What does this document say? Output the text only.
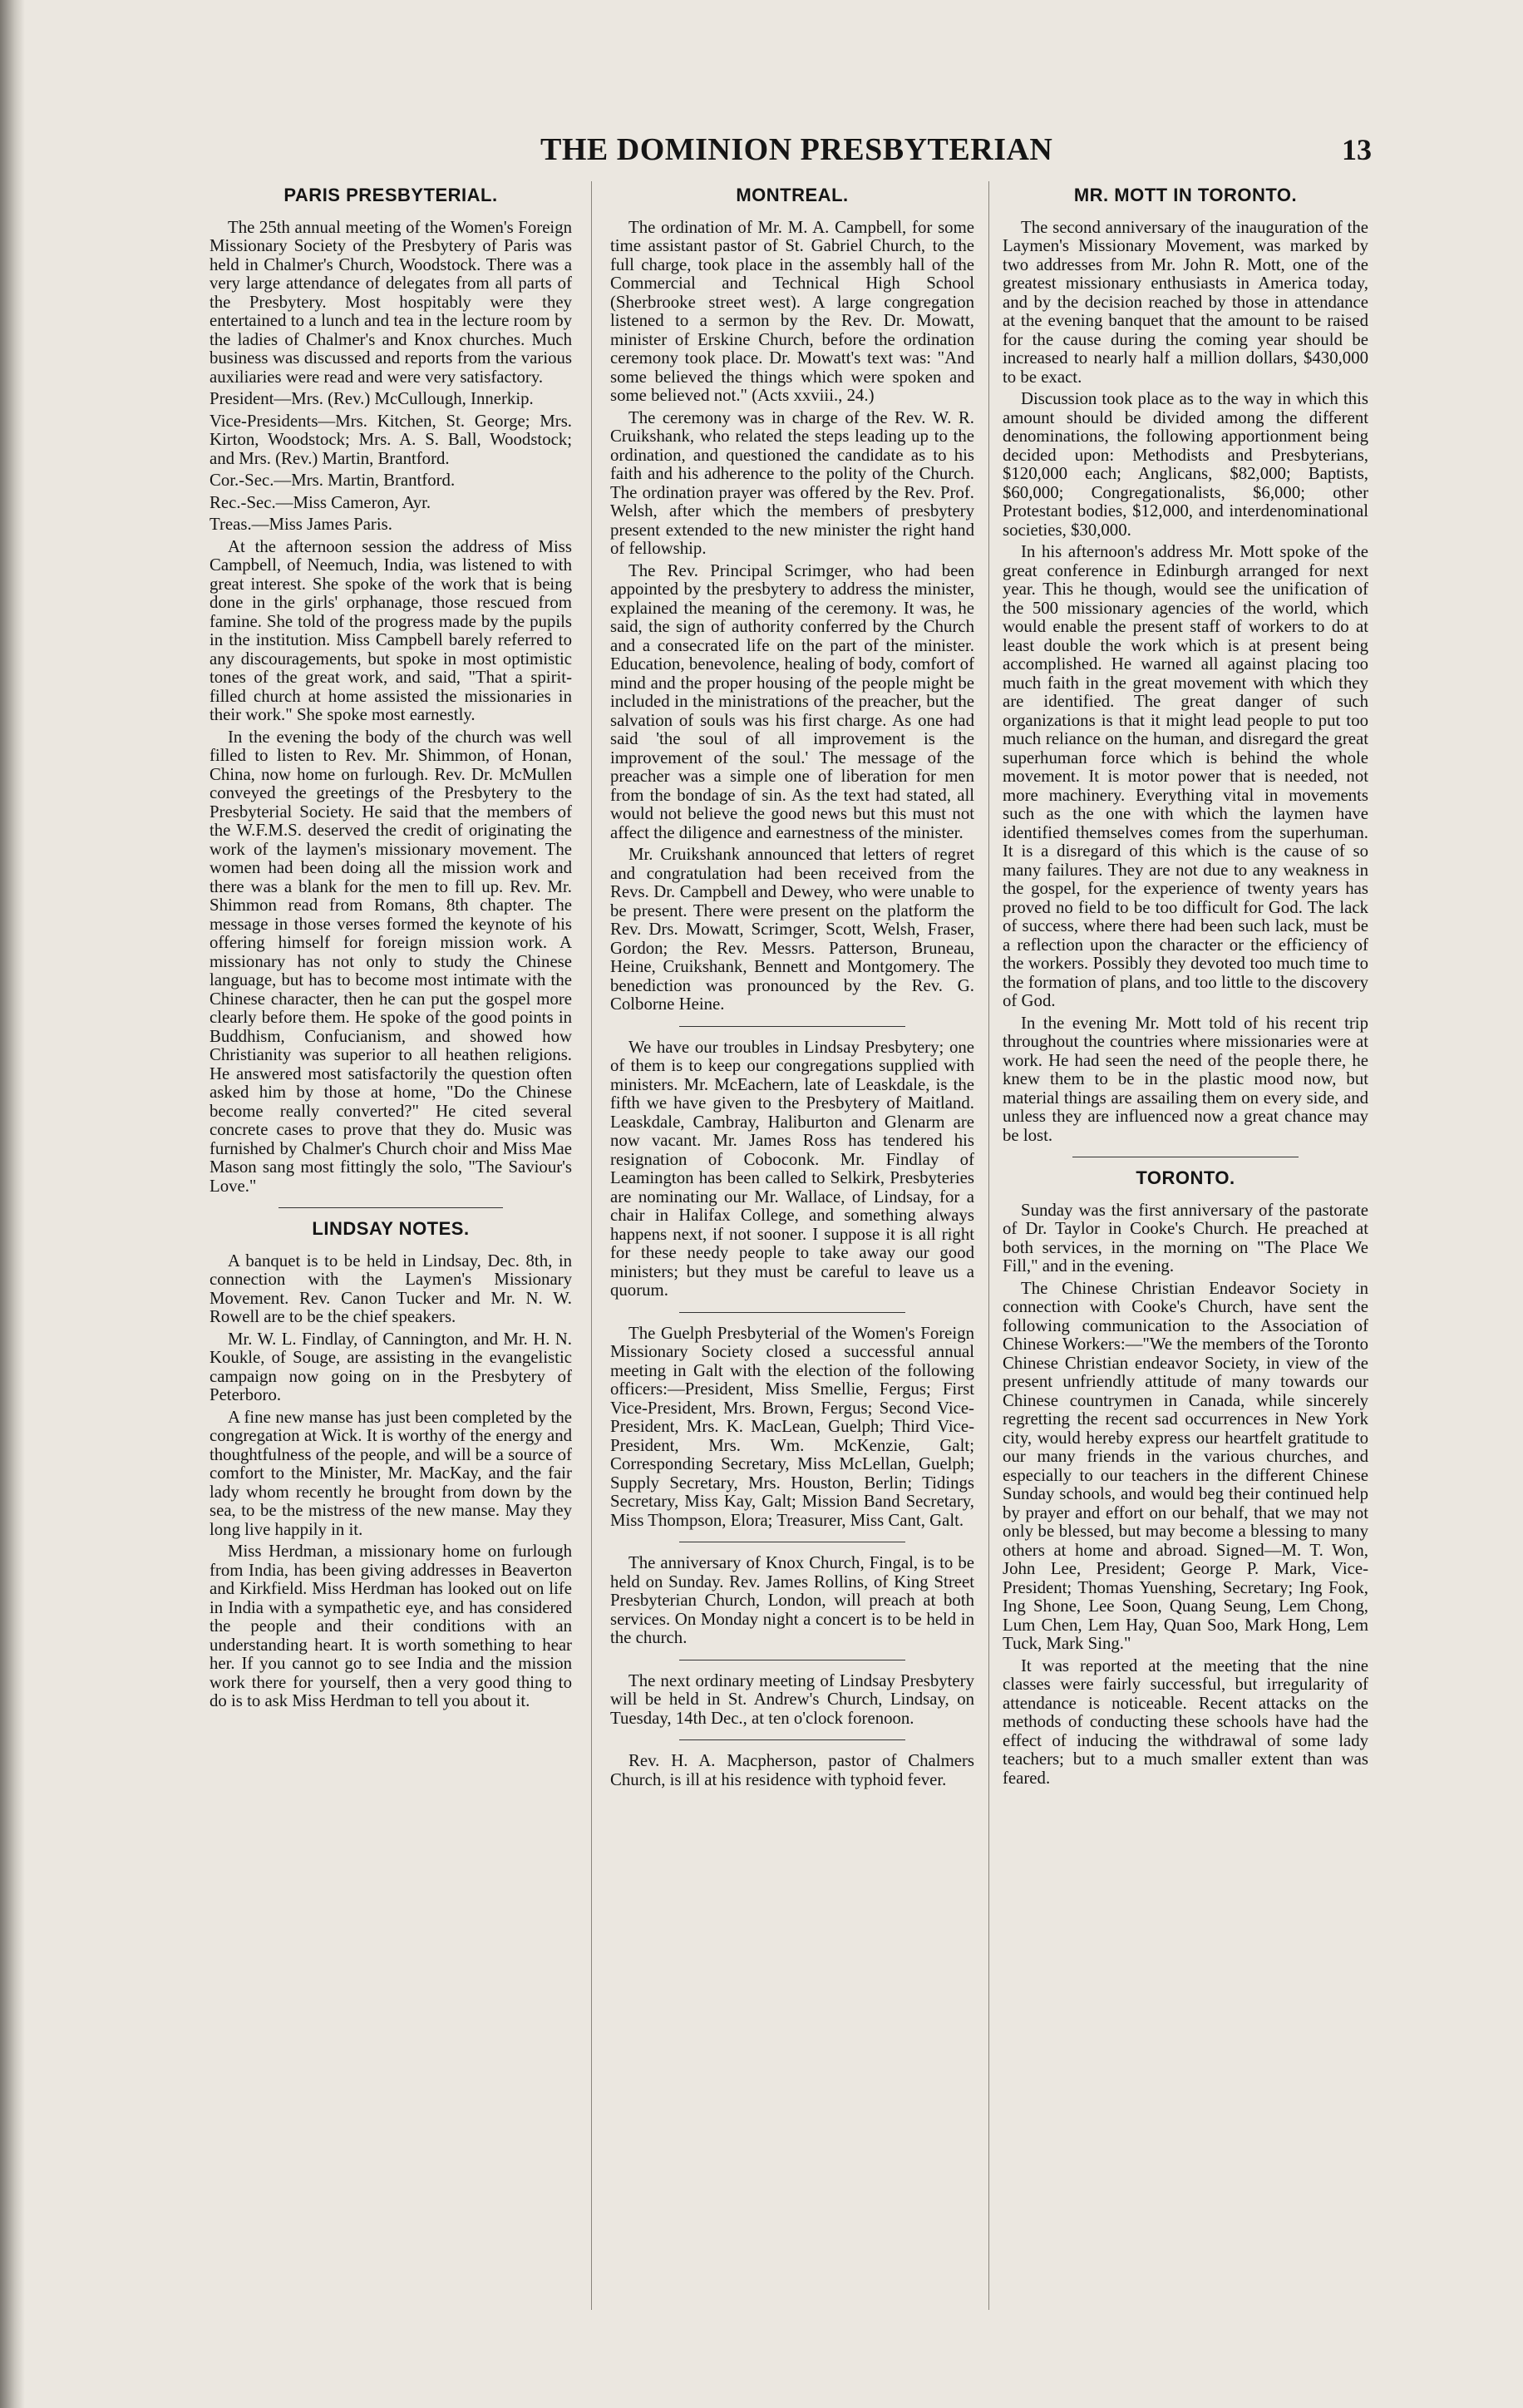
THE DOMINION PRESBYTERIAN	13
PARIS PRESBYTERIAL.

The 25th annual meeting of the Women's Foreign Missionary Society of the Presbytery of Paris was held in Chalmer's Church, Woodstock. There was a very large attendance of delegates from all parts of the Presbytery. Most hospitably were they entertained to a lunch and tea in the lecture room by the ladies of Chalmer's and Knox churches. Much business was discussed and reports from the various auxiliaries were read and were very satisfactory.

President—Mrs. (Rev.) McCullough, Innerkip.

Vice-Presidents—Mrs. Kitchen, St. George; Mrs. Kirton, Woodstock; Mrs. A. S. Ball, Woodstock; and Mrs. (Rev.) Martin, Brantford.

Cor.-Sec.—Mrs. Martin, Brantford.

Rec.-Sec.—Miss Cameron, Ayr.

Treas.—Miss James Paris.

At the afternoon session the address of Miss Campbell, of Neemuch, India, was listened to with great interest. She spoke of the work that is being done in the girls' orphanage, those rescued from famine. She told of the progress made by the pupils in the institution. Miss Campbell barely referred to any discouragements, but spoke in most optimistic tones of the great work, and said, "That a spirit-filled church at home assisted the missionaries in their work." She spoke most earnestly.

In the evening the body of the church was well filled to listen to Rev. Mr. Shimmon, of Honan, China, now home on furlough. Rev. Dr. McMullen conveyed the greetings of the Presbytery to the Presbyterial Society. He said that the members of the W.F.M.S. deserved the credit of originating the work of the laymen's missionary movement. The women had been doing all the mission work and there was a blank for the men to fill up. Rev. Mr. Shimmon read from Romans, 8th chapter. The message in those verses formed the keynote of his offering himself for foreign mission work. A missionary has not only to study the Chinese language, but has to become most intimate with the Chinese character, then he can put the gospel more clearly before them. He spoke of the good points in Buddhism, Confucianism, and showed how Christianity was superior to all heathen religions. He answered most satisfactorily the question often asked him by those at home, "Do the Chinese become really converted?" He cited several concrete cases to prove that they do. Music was furnished by Chalmer's Church choir and Miss Mae Mason sang most fittingly the solo, "The Saviour's Love."

LINDSAY NOTES.

A banquet is to be held in Lindsay, Dec. 8th, in connection with the Laymen's Missionary Movement. Rev. Canon Tucker and Mr. N. W. Rowell are to be the chief speakers.

Mr. W. L. Findlay, of Cannington, and Mr. H. N. Koukle, of Souge, are assisting in the evangelistic campaign now going on in the Presbytery of Peterboro.

A fine new manse has just been completed by the congregation at Wick. It is worthy of the energy and thoughtfulness of the people, and will be a source of comfort to the Minister, Mr. MacKay, and the fair lady whom recently he brought from down by the sea, to be the mistress of the new manse. May they long live happily in it.

Miss Herdman, a missionary home on furlough from India, has been giving addresses in Beaverton and Kirkfield. Miss Herdman has looked out on life in India with a sympathetic eye, and has considered the people and their conditions with an understanding heart. It is worth something to hear her. If you cannot go to see India and the mission work there for yourself, then a very good thing to do is to ask Miss Herdman to tell you about it.

MONTREAL.

The ordination of Mr. M. A. Campbell, for some time assistant pastor of St. Gabriel Church, to the full charge, took place in the assembly hall of the Commercial and Technical High School (Sherbrooke street west). A large congregation listened to a sermon by the Rev. Dr. Mowatt, minister of Erskine Church, before the ordination ceremony took place. Dr. Mowatt's text was: "And some believed the things which were spoken and some believed not." (Acts xxviii., 24.)

The ceremony was in charge of the Rev. W. R. Cruikshank, who related the steps leading up to the ordination, and questioned the candidate as to his faith and his adherence to the polity of the Church. The ordination prayer was offered by the Rev. Prof. Welsh, after which the members of presbytery present extended to the new minister the right hand of fellowship.

The Rev. Principal Scrimger, who had been appointed by the presbytery to address the minister, explained the meaning of the ceremony. It was, he said, the sign of authority conferred by the Church and a consecrated life on the part of the minister. Education, benevolence, healing of body, comfort of mind and the proper housing of the people might be included in the ministrations of the preacher, but the salvation of souls was his first charge. As one had said 'the soul of all improvement is the improvement of the soul.' The message of the preacher was a simple one of liberation for men from the bondage of sin. As the text had stated, all would not believe the good news but this must not affect the diligence and earnestness of the minister.

Mr. Cruikshank announced that letters of regret and congratulation had been received from the Revs. Dr. Campbell and Dewey, who were unable to be present. There were present on the platform the Rev. Drs. Mowatt, Scrimger, Scott, Welsh, Fraser, Gordon; the Rev. Messrs. Patterson, Bruneau, Heine, Cruikshank, Bennett and Montgomery. The benediction was pronounced by the Rev. G. Colborne Heine.

We have our troubles in Lindsay Presbytery; one of them is to keep our congregations supplied with ministers. Mr. McEachern, late of Leaskdale, is the fifth we have given to the Presbytery of Maitland. Leaskdale, Cambray, Haliburton and Glenarm are now vacant. Mr. James Ross has tendered his resignation of Coboconk. Mr. Findlay of Leamington has been called to Selkirk, Presbyteries are nominating our Mr. Wallace, of Lindsay, for a chair in Halifax College, and something always happens next, if not sooner. I suppose it is all right for these needy people to take away our good ministers; but they must be careful to leave us a quorum.

The Guelph Presbyterial of the Women's Foreign Missionary Society closed a successful annual meeting in Galt with the election of the following officers:—President, Miss Smellie, Fergus; First Vice-President, Mrs. Brown, Fergus; Second Vice-President, Mrs. K. MacLean, Guelph; Third Vice-President, Mrs. Wm. McKenzie, Galt; Corresponding Secretary, Miss McLellan, Guelph; Supply Secretary, Mrs. Houston, Berlin; Tidings Secretary, Miss Kay, Galt; Mission Band Secretary, Miss Thompson, Elora; Treasurer, Miss Cant, Galt.

The anniversary of Knox Church, Fingal, is to be held on Sunday. Rev. James Rollins, of King Street Presbyterian Church, London, will preach at both services. On Monday night a concert is to be held in the church.

The next ordinary meeting of Lindsay Presbytery will be held in St. Andrew's Church, Lindsay, on Tuesday, 14th Dec., at ten o'clock forenoon.

Rev. H. A. Macpherson, pastor of Chalmers Church, is ill at his residence with typhoid fever.

MR. MOTT IN TORONTO.

The second anniversary of the inauguration of the Laymen's Missionary Movement, was marked by two addresses from Mr. John R. Mott, one of the greatest missionary enthusiasts in America today, and by the decision reached by those in attendance at the evening banquet that the amount to be raised for the cause during the coming year should be increased to nearly half a million dollars, $430,000 to be exact.

Discussion took place as to the way in which this amount should be divided among the different denominations, the following apportionment being decided upon: Methodists and Presbyterians, $120,000 each; Anglicans, $82,000; Baptists, $60,000; Congregationalists, $6,000; other Protestant bodies, $12,000, and interdenominational societies, $30,000.

In his afternoon's address Mr. Mott spoke of the great conference in Edinburgh arranged for next year. This he though, would see the unification of the 500 missionary agencies of the world, which would enable the present staff of workers to do at least double the work which is at present being accomplished. He warned all against placing too much faith in the great movement with which they are identified. The great danger of such organizations is that it might lead people to put too much reliance on the human, and disregard the great superhuman force which is behind the whole movement. It is motor power that is needed, not more machinery. Everything vital in movements such as the one with which the laymen have identified themselves comes from the superhuman. It is a disregard of this which is the cause of so many failures. They are not due to any weakness in the gospel, for the experience of twenty years has proved no field to be too difficult for God. The lack of success, where there had been such lack, must be a reflection upon the character or the efficiency of the workers. Possibly they devoted too much time to the formation of plans, and too little to the discovery of God.

In the evening Mr. Mott told of his recent trip throughout the countries where missionaries were at work. He had seen the need of the people there, he knew them to be in the plastic mood now, but material things are assailing them on every side, and unless they are influenced now a great chance may be lost.

TORONTO.

Sunday was the first anniversary of the pastorate of Dr. Taylor in Cooke's Church. He preached at both services, in the morning on "The Place We Fill," and in the evening.

The Chinese Christian Endeavor Society in connection with Cooke's Church, have sent the following communication to the Association of Chinese Workers:—"We the members of the Toronto Chinese Christian endeavor Society, in view of the present unfriendly attitude of many towards our Chinese countrymen in Canada, while sincerely regretting the recent sad occurrences in New York city, would hereby express our heartfelt gratitude to our many friends in the various churches, and especially to our teachers in the different Chinese Sunday schools, and would beg their continued help by prayer and effort on our behalf, that we may not only be blessed, but may become a blessing to many others at home and abroad. Signed—M. T. Won, John Lee, President; George P. Mark, Vice-President; Thomas Yuenshing, Secretary; Ing Fook, Ing Shone, Lee Soon, Quang Seung, Lem Chong, Lum Chen, Lem Hay, Quan Soo, Mark Hong, Lem Tuck, Mark Sing."

It was reported at the meeting that the nine classes were fairly successful, but irregularity of attendance is noticeable. Recent attacks on the methods of conducting these schools have had the effect of inducing the withdrawal of some lady teachers; but to a much smaller extent than was feared.
